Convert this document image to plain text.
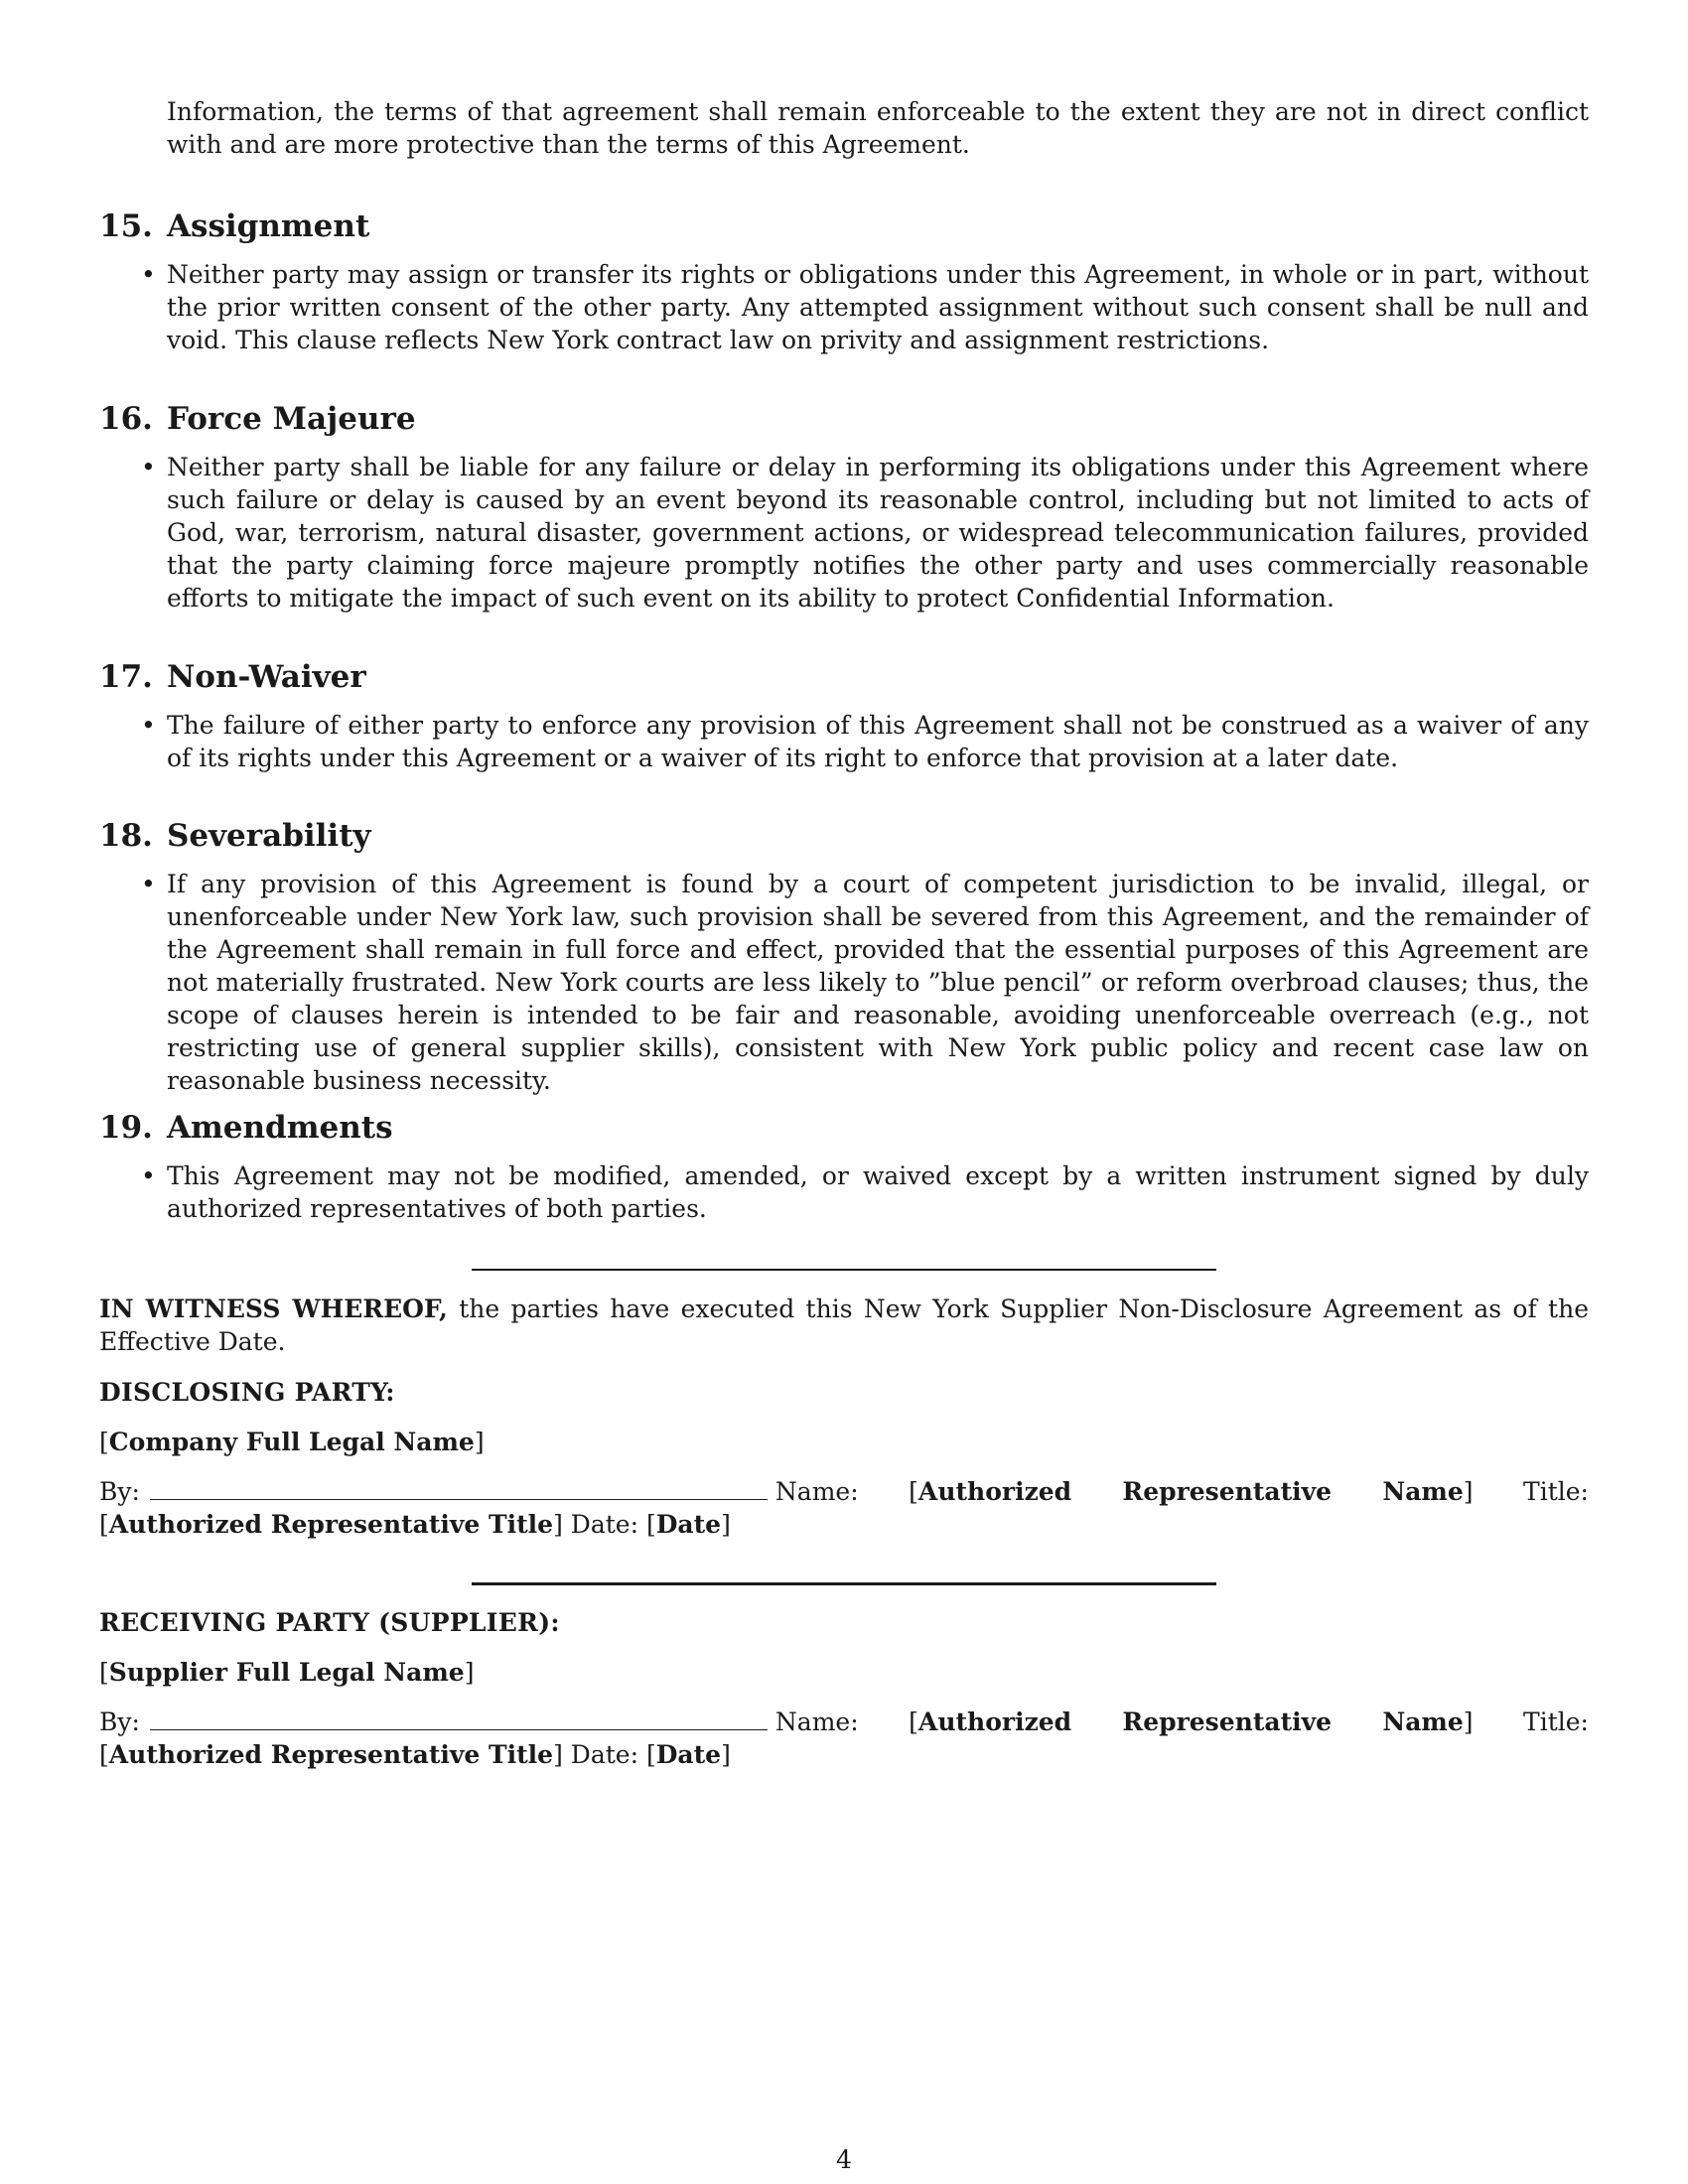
Information, the terms of that agreement shall remain enforceable to the extent they are not in direct conflict with and are more protective than the terms of this Agreement.

15. Assignment
• Neither party may assign or transfer its rights or obligations under this Agreement, in whole or in part, without the prior written consent of the other party. Any attempted assignment without such consent shall be null and void. This clause reflects New York contract law on privity and assignment restrictions.

16. Force Majeure
• Neither party shall be liable for any failure or delay in performing its obligations under this Agreement where such failure or delay is caused by an event beyond its reasonable control, including but not limited to acts of God, war, terrorism, natural disaster, government actions, or widespread telecommunication failures, provided that the party claiming force majeure promptly notifies the other party and uses commercially reasonable efforts to mitigate the impact of such event on its ability to protect Confidential Information.

17. Non-Waiver
• The failure of either party to enforce any provision of this Agreement shall not be construed as a waiver of any of its rights under this Agreement or a waiver of its right to enforce that provision at a later date.

18. Severability
• If any provision of this Agreement is found by a court of competent jurisdiction to be invalid, illegal, or unenforceable under New York law, such provision shall be severed from this Agreement, and the remainder of the Agreement shall remain in full force and effect, provided that the essential purposes of this Agreement are not materially frustrated. New York courts are less likely to ”blue pencil” or reform overbroad clauses; thus, the scope of clauses herein is intended to be fair and reasonable, avoiding unenforceable overreach (e.g., not restricting use of general supplier skills), consistent with New York public policy and recent case law on reasonable business necessity.

19. Amendments
• This Agreement may not be modified, amended, or waived except by a written instrument signed by duly authorized representatives of both parties.

IN WITNESS WHEREOF, the parties have executed this New York Supplier Non-Disclosure Agreement as of the Effective Date.

DISCLOSING PARTY:

[Company Full Legal Name]

By:	Name: [Authorized Representative Name] Title: [Authorized Representative Title] Date: [Date]

RECEIVING PARTY (SUPPLIER):

[Supplier Full Legal Name]

By:	Name: [Authorized Representative Name] Title: [Authorized Representative Title] Date: [Date]

4
